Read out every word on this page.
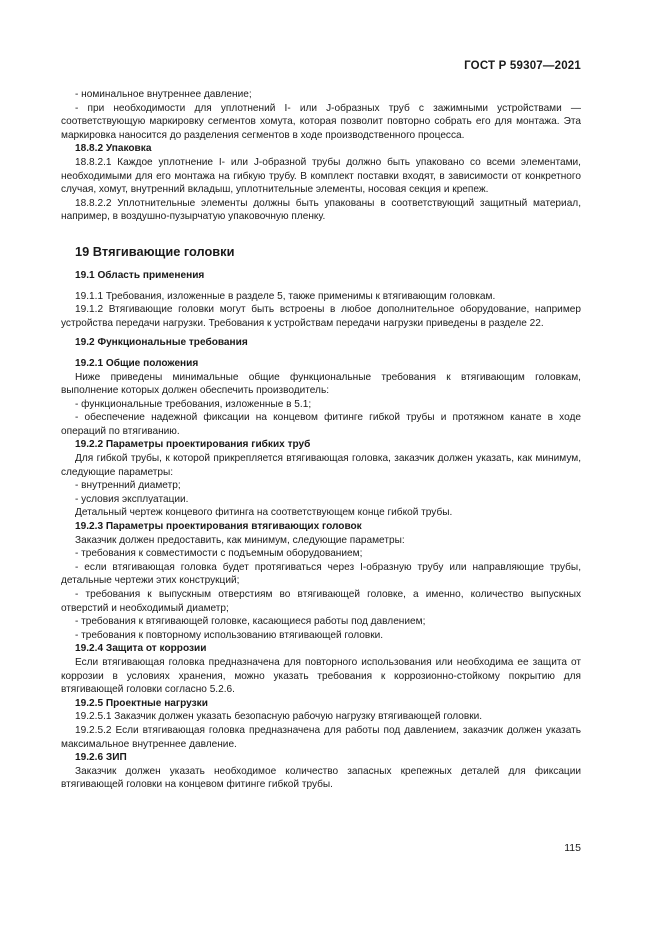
ГОСТ Р 59307—2021

- номинальное внутреннее давление;

- при необходимости для уплотнений I- или J-образных труб с зажимными устройствами — соответствующую маркировку сегментов хомута, которая позволит повторно собрать его для монтажа. Эта маркировка наносится до разделения сегментов в ходе производственного процесса.

18.8.2 Упаковка

18.8.2.1 Каждое уплотнение I- или J-образной трубы должно быть упаковано со всеми элементами, необходимыми для его монтажа на гибкую трубу. В комплект поставки входят, в зависимости от конкретного случая, хомут, внутренний вкладыш, уплотнительные элементы, носовая секция и крепеж.

18.8.2.2 Уплотнительные элементы должны быть упакованы в соответствующий защитный материал, например, в воздушно-пузырчатую упаковочную пленку.

19 Втягивающие головки

19.1 Область применения

19.1.1 Требования, изложенные в разделе 5, также применимы к втягивающим головкам.

19.1.2 Втягивающие головки могут быть встроены в любое дополнительное оборудование, например устройства передачи нагрузки. Требования к устройствам передачи нагрузки приведены в разделе 22.

19.2 Функциональные требования

19.2.1 Общие положения

Ниже приведены минимальные общие функциональные требования к втягивающим головкам, выполнение которых должен обеспечить производитель:

- функциональные требования, изложенные в 5.1;

- обеспечение надежной фиксации на концевом фитинге гибкой трубы и протяжном канате в ходе операций по втягиванию.

19.2.2 Параметры проектирования гибких труб

Для гибкой трубы, к которой прикрепляется втягивающая головка, заказчик должен указать, как минимум, следующие параметры:

- внутренний диаметр;

- условия эксплуатации.

Детальный чертеж концевого фитинга на соответствующем конце гибкой трубы.

19.2.3 Параметры проектирования втягивающих головок

Заказчик должен предоставить, как минимум, следующие параметры:

- требования к совместимости с подъемным оборудованием;

- если втягивающая головка будет протягиваться через I-образную трубу или направляющие трубы, детальные чертежи этих конструкций;

- требования к выпускным отверстиям во втягивающей головке, а именно, количество выпускных отверстий и необходимый диаметр;

- требования к втягивающей головке, касающиеся работы под давлением;

- требования к повторному использованию втягивающей головки.

19.2.4 Защита от коррозии

Если втягивающая головка предназначена для повторного использования или необходима ее защита от коррозии в условиях хранения, можно указать требования к коррозионно-стойкому покрытию для втягивающей головки согласно 5.2.6.

19.2.5 Проектные нагрузки

19.2.5.1 Заказчик должен указать безопасную рабочую нагрузку втягивающей головки.

19.2.5.2 Если втягивающая головка предназначена для работы под давлением, заказчик должен указать максимальное внутреннее давление.

19.2.6 ЗИП

Заказчик должен указать необходимое количество запасных крепежных деталей для фиксации втягивающей головки на концевом фитинге гибкой трубы.

115
